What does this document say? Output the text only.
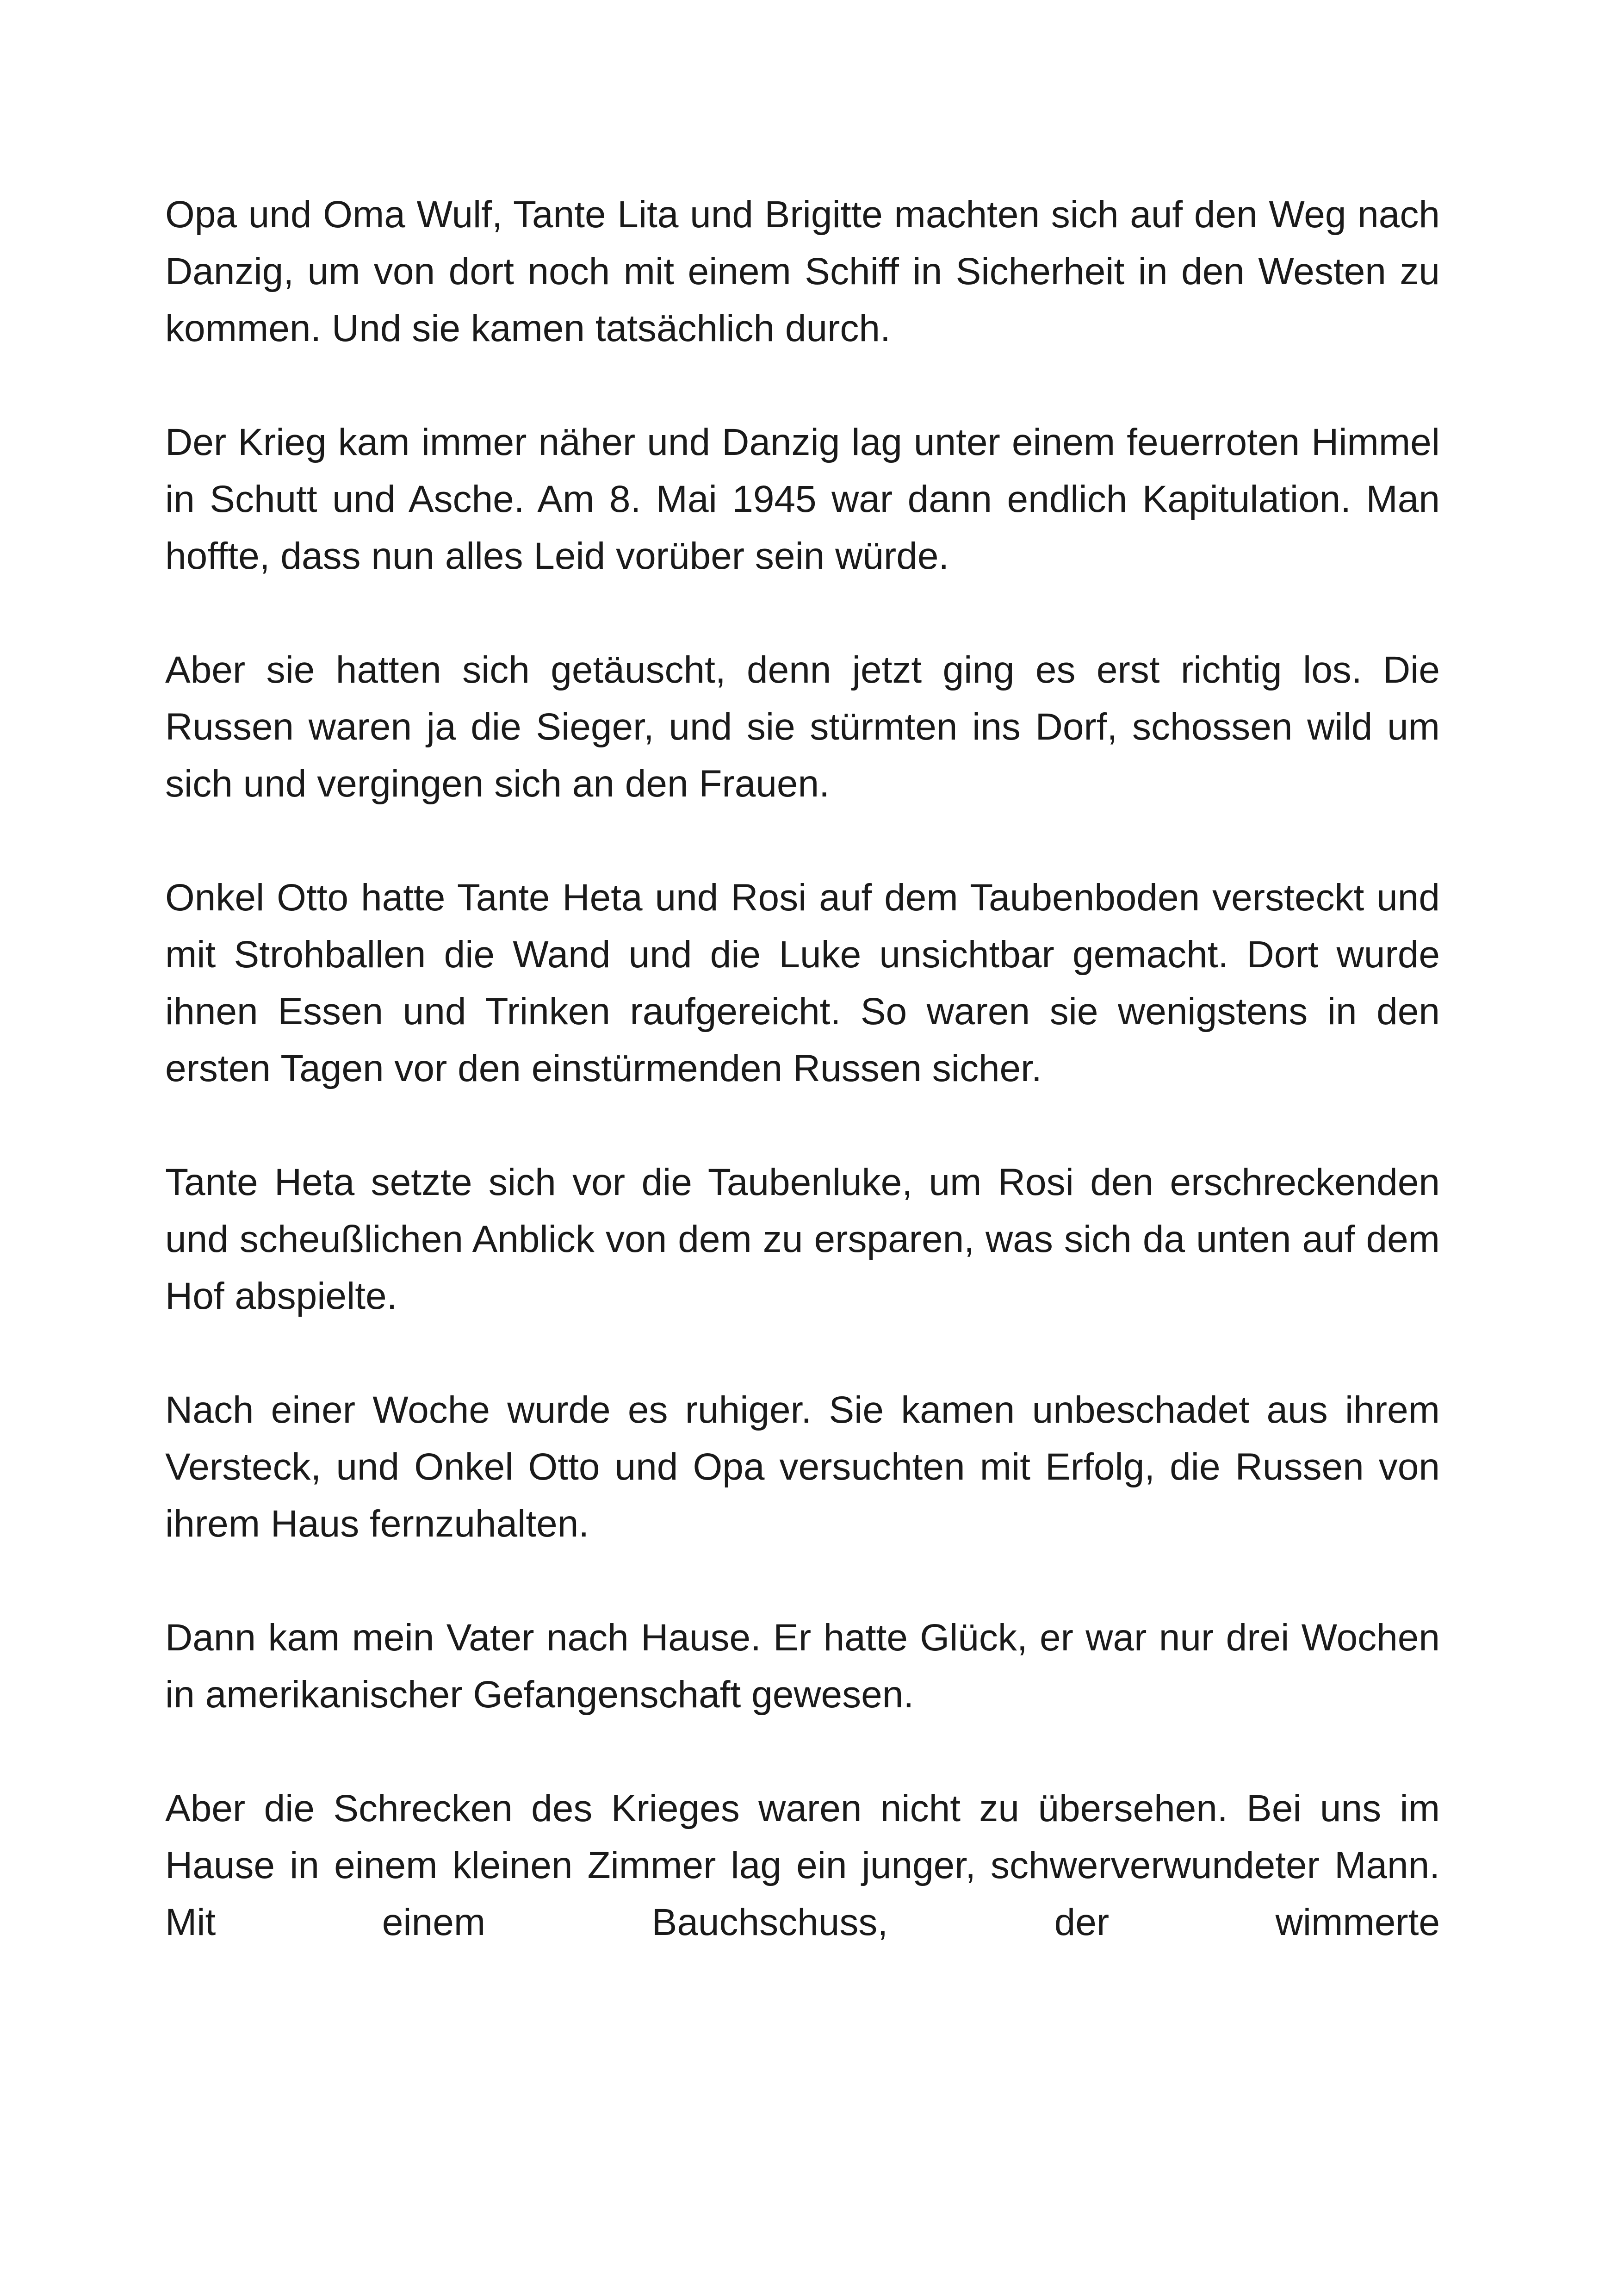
Opa und Oma Wulf, Tante Lita und Brigitte machten sich auf den Weg nach Danzig, um von dort noch mit einem Schiff in Sicherheit in den Westen zu kommen. Und sie kamen tatsächlich durch.

Der Krieg kam immer näher und Danzig lag unter einem feuerroten Himmel in Schutt und Asche. Am 8. Mai 1945 war dann endlich Kapitulation. Man hoffte, dass nun alles Leid vorüber sein würde.

Aber sie hatten sich getäuscht, denn jetzt ging es erst richtig los. Die Russen waren ja die Sieger, und sie stürmten ins Dorf, schossen wild um sich und vergingen sich an den Frauen.

Onkel Otto hatte Tante Heta und Rosi auf dem Taubenboden versteckt und mit Strohballen die Wand und die Luke unsichtbar gemacht. Dort wurde ihnen Essen und Trinken raufgereicht. So waren sie wenigstens in den ersten Tagen vor den einstürmenden Russen sicher.

Tante Heta setzte sich vor die Taubenluke, um Rosi den erschreckenden und scheußlichen Anblick von dem zu ersparen, was sich da unten auf dem Hof abspielte.

Nach einer Woche wurde es ruhiger. Sie kamen unbeschadet aus ihrem Versteck, und Onkel Otto und Opa versuchten mit Erfolg, die Russen von ihrem Haus fernzuhalten.

Dann kam mein Vater nach Hause. Er hatte Glück, er war nur drei Wochen in amerikanischer Gefangenschaft gewesen.

Aber die Schrecken des Krieges waren nicht zu übersehen. Bei uns im Hause in einem kleinen Zimmer lag ein junger, schwerverwundeter Mann. Mit einem Bauchschuss, der wimmerte
